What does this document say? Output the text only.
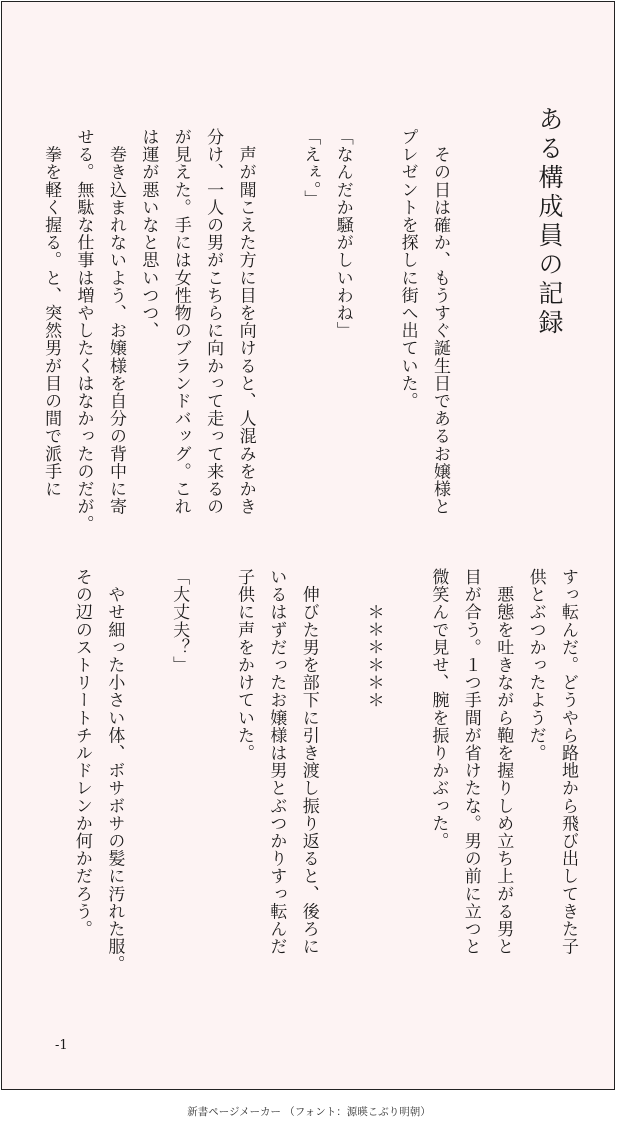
ある構成員の記録
　その日は確か、もうすぐ誕生日であるお嬢様と
プレゼントを探しに街へ出ていた。

「なんだか騒がしいわね」
「えぇ。」

　声が聞こえた方に目を向けると、人混みをかき
分け、一人の男がこちらに向かって走って来るの
が見えた。手には女性物のブランドバッグ。これ
は運が悪いなと思いつつ、
　巻き込まれないよう、お嬢様を自分の背中に寄
せる。無駄な仕事は増やしたくはなかったのだが。
　拳を軽く握る。と、突然男が目の間で派手に
すっ転んだ。どうやら路地から飛び出してきた子
供とぶつかったようだ。
　悪態を吐きながら鞄を握りしめ立ち上がる男と
目が合う。１つ手間が省けたな。男の前に立つと
微笑んで見せ、腕を振りかぶった。

　　＊＊＊＊＊＊

　伸びた男を部下に引き渡し振り返ると、後ろに
いるはずだったお嬢様は男とぶつかりすっ転んだ
子供に声をかけていた。

「大丈夫？」

　やせ細った小さい体、ボサボサの髪に汚れた服。
その辺のストリートチルドレンか何かだろう。
-1
新書ページメーカー （フォント：源暎こぶり明朝）
